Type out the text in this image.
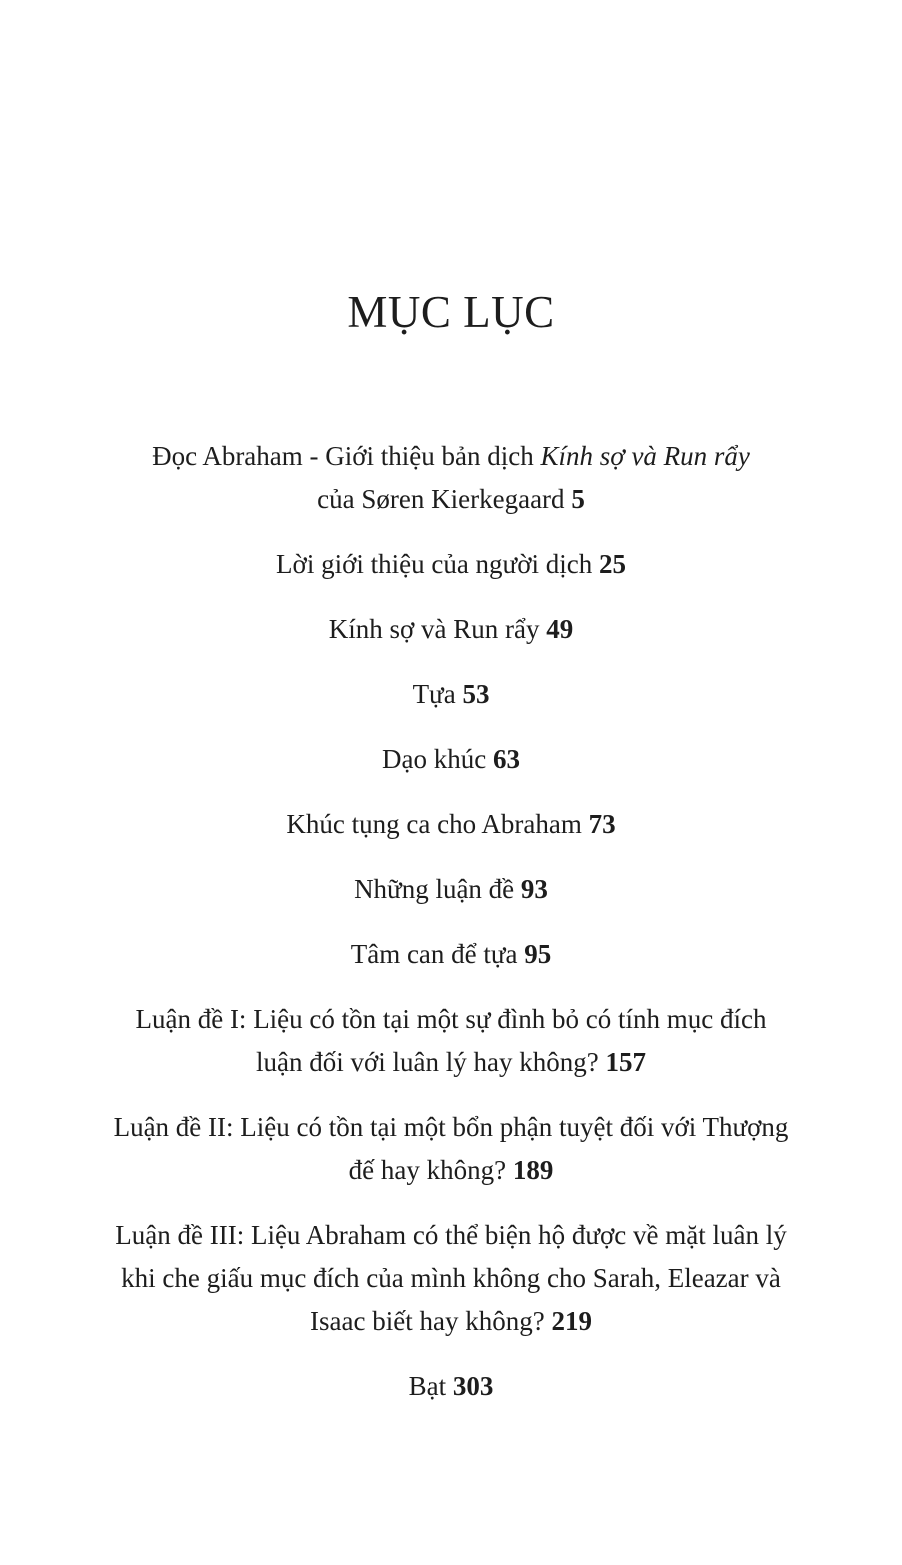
MỤC LỤC
Đọc Abraham - Giới thiệu bản dịch Kính sợ và Run rẩy
của Søren Kierkegaard 5
Lời giới thiệu của người dịch 25
Kính sợ và Run rẩy 49
Tựa 53
Dạo khúc 63
Khúc tụng ca cho Abraham 73
Những luận đề 93
Tâm can để tựa 95
Luận đề I: Liệu có tồn tại một sự đình bỏ có tính mục đích
luận đối với luân lý hay không? 157
Luận đề II: Liệu có tồn tại một bổn phận tuyệt đối với Thượng
đế hay không? 189
Luận đề III: Liệu Abraham có thể biện hộ được về mặt luân lý
khi che giấu mục đích của mình không cho Sarah, Eleazar và
Isaac biết hay không? 219
Bạt 303
